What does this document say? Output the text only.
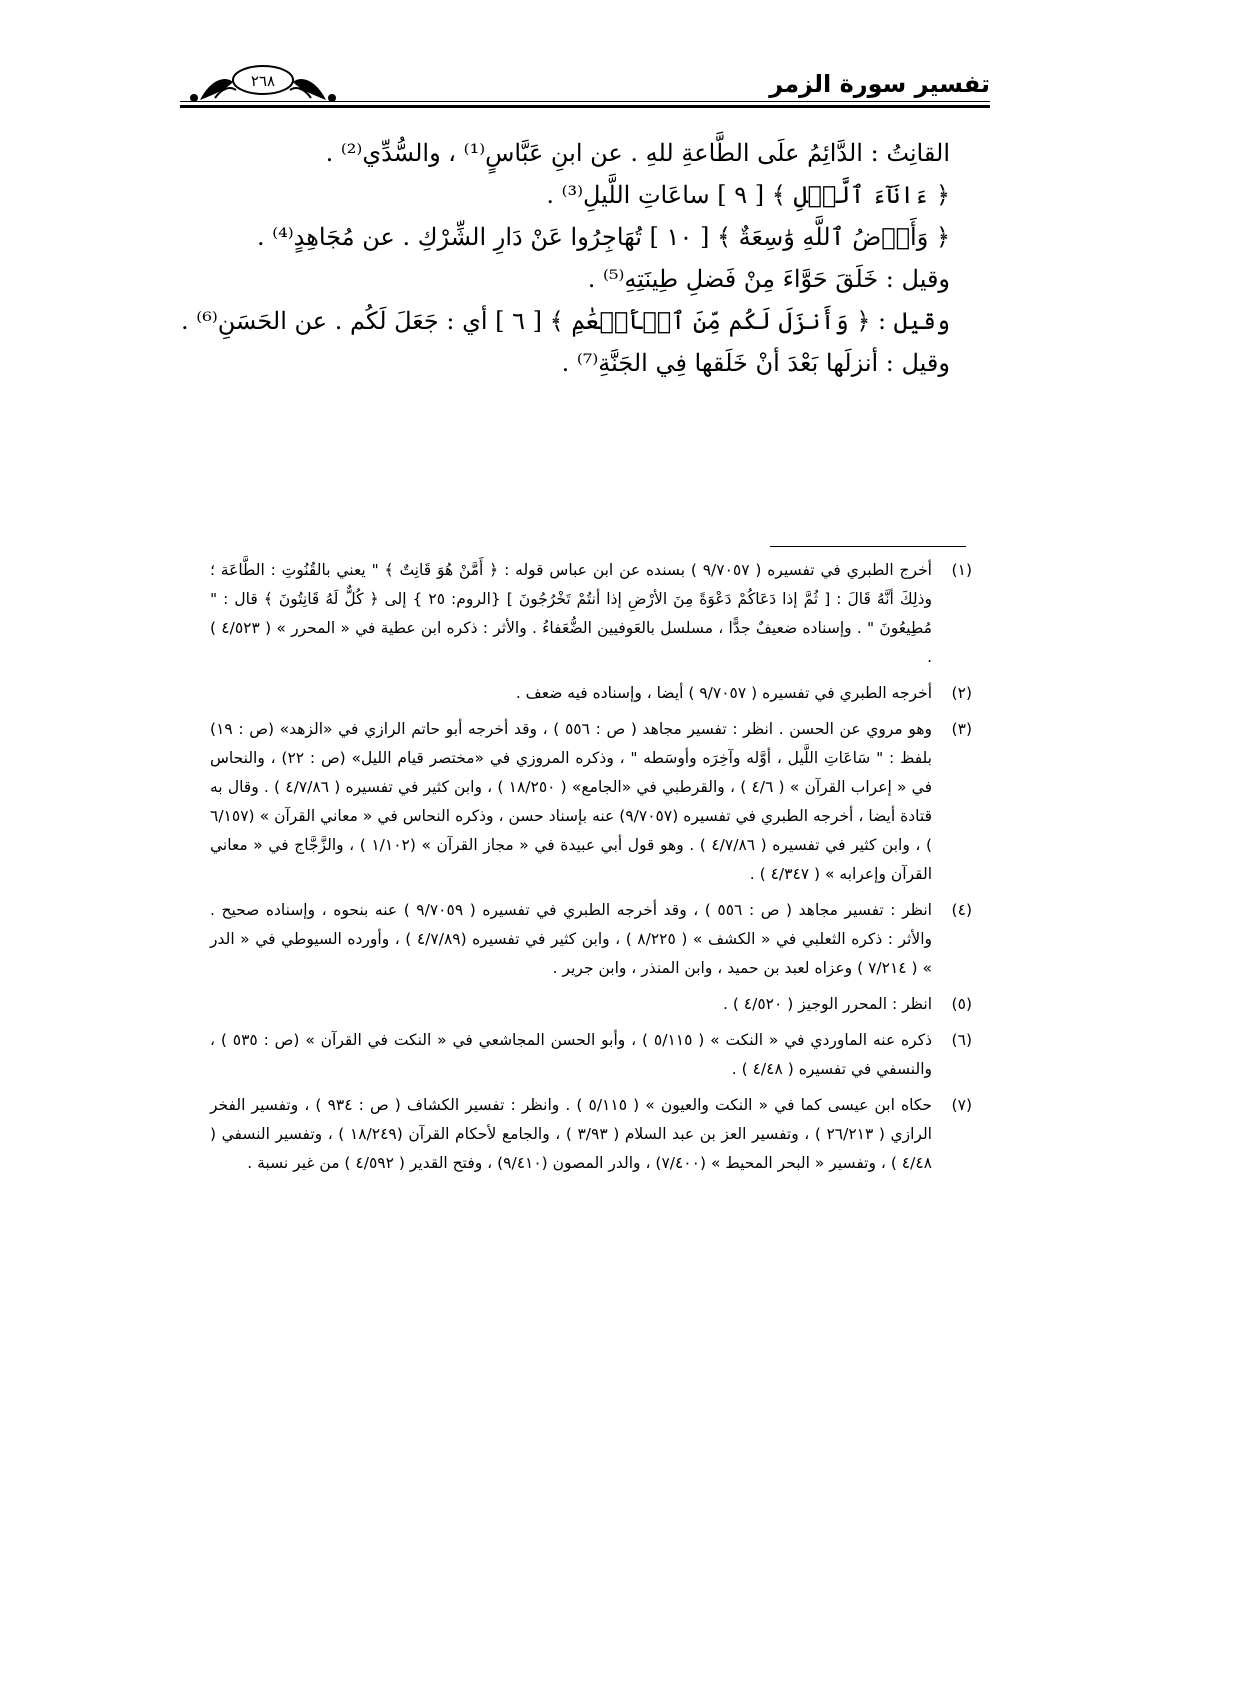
٢٦٨	تفسير سورة الزمر

القانِتُ : الدَّائِمُ علَى الطَّاعةِ للهِ . عن ابنِ عَبَّاسٍ⁽¹⁾ ، والسُّدِّي⁽²⁾ .

﴿ ءَانَآءَ ٱلَّيۡلِ ﴾ [ ٩ ] ساعَاتِ اللَّيلِ⁽³⁾ .

﴿ وَأَرۡضُ ٱللَّهِ وَٰسِعَةٌ ﴾ [ ١٠ ] تُهَاجِرُوا عَنْ دَارِ الشِّرْكِ . عن مُجَاهِدٍ⁽⁴⁾ .

وقيل : خَلَقَ حَوَّاءَ مِنْ فَضلِ طِينَتِهِ⁽⁵⁾ .

وقيل : ﴿ وَأَنزَلَ لَكُم مِّنَ ٱلۡأَنۡعَٰمِ ﴾ [ ٦ ] أي : جَعَلَ لَكُم . عن الحَسَنِ⁽⁶⁾ .

وقيل : أنزلَها بَعْدَ أنْ خَلَقها فِي الجَنَّةِ⁽⁷⁾ .

(١)
أخرج الطبري في تفسيره ( ٩/٧٠٥٧ ) بسنده عن ابن عباس قوله : ﴿ أَمَّنْ هُوَ قَانِتٌ ﴾ " يعني بالقُنُوتِ : الطَّاعَة ؛ وذلِكَ أنَّهُ قَالَ : [ ثُمَّ إذا دَعَاكُمْ دَعْوَةً مِنَ الأرْضِ إذا أنتُمْ تَخْرُجُونَ ] {الروم: ٢٥ } إلى ﴿ كُلٌّ لَهُ قَانِتُونَ ﴾ قال : " مُطِيعُونَ " . وإسناده ضعيفٌ جدًّا ، مسلسل بالعَوفيين الضُّعَفاءُ . والأثر : ذكره ابن عطية في « المحرر » ( ٤/٥٢٣ ) .
(٢)
أخرجه الطبري في تفسيره ( ٩/٧٠٥٧ ) أيضا ، وإسناده فيه ضعف .
(٣)
وهو مروي عن الحسن . انظر : تفسير مجاهد ( ص : ٥٥٦ ) ، وقد أخرجه أبو حاتم الرازي في «الزهد» (ص : ١٩) بلفظ : " سَاعَاتِ اللَّيل ، أوَّله وآخِرَه وأوسَطه " ، وذكره المروزي في «مختصر قيام الليل» (ص : ٢٢) ، والنحاس في « إعراب القرآن » ( ٤/٦ ) ، والقرطبي في «الجامع» ( ١٨/٢٥٠ ) ، وابن كثير في تفسيره ( ٤/٧/٨٦ ) . وقال به قتادة أيضا ، أخرجه الطبري في تفسيره (٩/٧٠٥٧) عنه بإسناد حسن ، وذكره النحاس في « معاني القرآن » (٦/١٥٧ ) ، وابن كثير في تفسيره ( ٤/٧/٨٦ ) . وهو قول أبي عبيدة في « مجاز القرآن » (١/١٠٢ ) ، والزَّجَّاج في « معاني القرآن وإعرابه » ( ٤/٣٤٧ ) .
(٤)
انظر : تفسير مجاهد ( ص : ٥٥٦ ) ، وقد أخرجه الطبري في تفسيره ( ٩/٧٠٥٩ ) عنه بنحوه ، وإسناده صحيح . والأثر : ذكره الثعلبي في « الكشف » ( ٨/٢٢٥ ) ، وابن كثير في تفسيره (٤/٧/٨٩ ) ، وأورده السيوطي في « الدر » ( ٧/٢١٤ ) وعزاه لعبد بن حميد ، وابن المنذر ، وابن جرير .
(٥)
انظر : المحرر الوجيز ( ٤/٥٢٠ ) .
(٦)
ذكره عنه الماوردي في « النكت » ( ٥/١١٥ ) ، وأبو الحسن المجاشعي في « النكت في القرآن » (ص : ٥٣٥ ) ، والنسفي في تفسيره ( ٤/٤٨ ) .
(٧)
حكاه ابن عيسى كما في « النكت والعيون » ( ٥/١١٥ ) . وانظر : تفسير الكشاف ( ص : ٩٣٤ ) ، وتفسير الفخر الرازي ( ٢٦/٢١٣ ) ، وتفسير العز بن عبد السلام ( ٣/٩٣ ) ، والجامع لأحكام القرآن (١٨/٢٤٩ ) ، وتفسير النسفي ( ٤/٤٨ ) ، وتفسير « البحر المحيط » (٧/٤٠٠) ، والدر المصون (٩/٤١٠) ، وفتح القدير ( ٤/٥٩٢ ) من غير نسبة .
